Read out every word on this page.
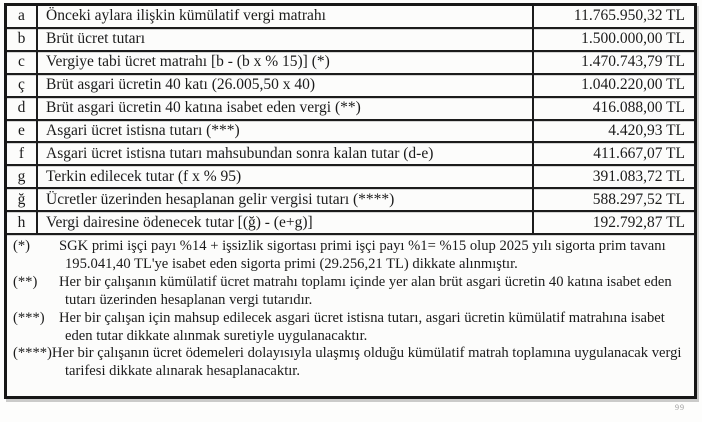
a	Önceki aylara ilişkin kümülatif vergi matrahı	11.765.950,32 TL
b	Brüt ücret tutarı	1.500.000,00 TL
c	Vergiye tabi ücret matrahı [b - (b x % 15)] (*)	1.470.743,79 TL
ç	Brüt asgari ücretin 40 katı (26.005,50 x 40)	1.040.220,00 TL
d	Brüt asgari ücretin 40 katına isabet eden vergi (**)	416.088,00 TL
e	Asgari ücret istisna tutarı (***)	4.420,93 TL
f	Asgari ücret istisna tutarı mahsubundan sonra kalan tutar (d-e)	411.667,07 TL
g	Terkin edilecek tutar (f x % 95)	391.083,72 TL
ğ	Ücretler üzerinden hesaplanan gelir vergisi tutarı (****)	588.297,52 TL
h	Vergi dairesine ödenecek tutar [(ğ) - (e+g)]	192.792,87 TL
(*) SGK primi işçi payı %14 + işsizlik sigortası primi işçi payı %1= %15 olup 2025 yılı sigorta prim tavanı 195.041,40 TL'ye isabet eden sigorta primi (29.256,21 TL) dikkate alınmıştır.
(**) Her bir çalışanın kümülatif ücret matrahı toplamı içinde yer alan brüt asgari ücretin 40 katına isabet eden tutarı üzerinden hesaplanan vergi tutarıdır.
(***) Her bir çalışan için mahsup edilecek asgari ücret istisna tutarı, asgari ücretin kümülatif matrahına isabet eden tutar dikkate alınmak suretiyle uygulanacaktır.
(****)Her bir çalışanın ücret ödemeleri dolayısıyla ulaşmış olduğu kümülatif matrah toplamına uygulanacak vergi tarifesi dikkate alınarak hesaplanacaktır.
99
